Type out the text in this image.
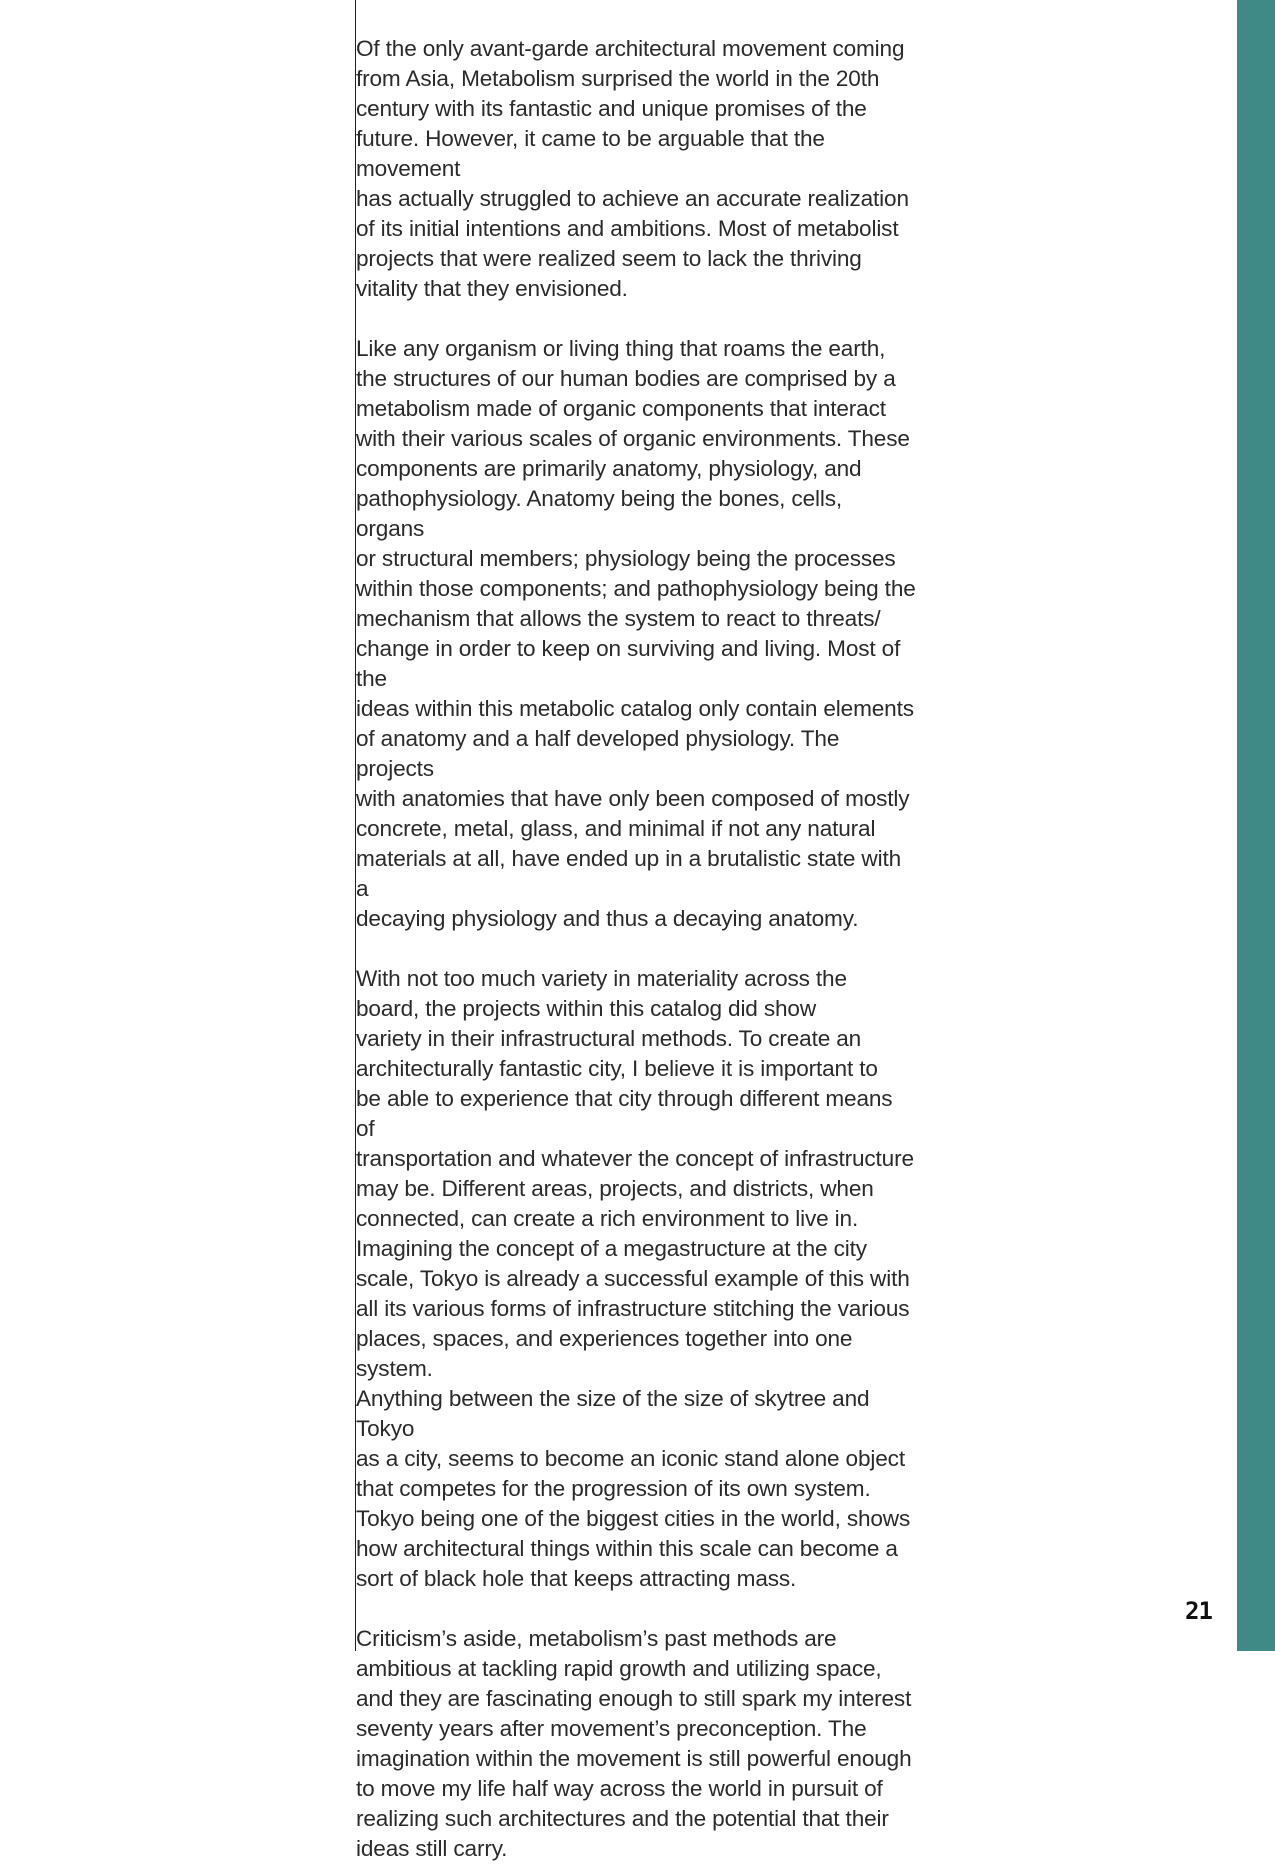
Of the only avant-garde architectural movement coming
from Asia, Metabolism surprised the world in the 20th
century with its fantastic and unique promises of the
future. However, it came to be arguable that the movement
has actually struggled to achieve an accurate realization
of its initial intentions and ambitions. Most of metabolist
projects that were realized seem to lack the thriving
vitality that they envisioned.

Like any organism or living thing that roams the earth,
the structures of our human bodies are comprised by a
metabolism made of organic components that interact
with their various scales of organic environments. These
components are primarily anatomy, physiology, and
pathophysiology. Anatomy being the bones, cells, organs
or structural members; physiology being the processes
within those components; and pathophysiology being the
mechanism that allows the system to react to threats/
change in order to keep on surviving and living. Most of the
ideas within this metabolic catalog only contain elements
of anatomy and a half developed physiology. The projects
with anatomies that have only been composed of mostly
concrete, metal, glass, and minimal if not any natural
materials at all, have ended up in a brutalistic state with a
decaying physiology and thus a decaying anatomy.

With not too much variety in materiality across the
board, the projects within this catalog did show
variety in their infrastructural methods. To create an
architecturally fantastic city, I believe it is important to
be able to experience that city through different means of
transportation and whatever the concept of infrastructure
may be. Different areas, projects, and districts, when
connected, can create a rich environment to live in.
Imagining the concept of a megastructure at the city
scale, Tokyo is already a successful example of this with
all its various forms of infrastructure stitching the various
places, spaces, and experiences together into one system.
Anything between the size of the size of skytree and Tokyo
as a city, seems to become an iconic stand alone object
that competes for the progression of its own system.
Tokyo being one of the biggest cities in the world, shows
how architectural things within this scale can become a
sort of black hole that keeps attracting mass.

Criticism’s aside, metabolism’s past methods are
ambitious at tackling rapid growth and utilizing space,
and they are fascinating enough to still spark my interest
seventy years after movement’s preconception. The
imagination within the movement is still powerful enough
to move my life half way across the world in pursuit of
realizing such architectures and the potential that their
ideas still carry.

21
